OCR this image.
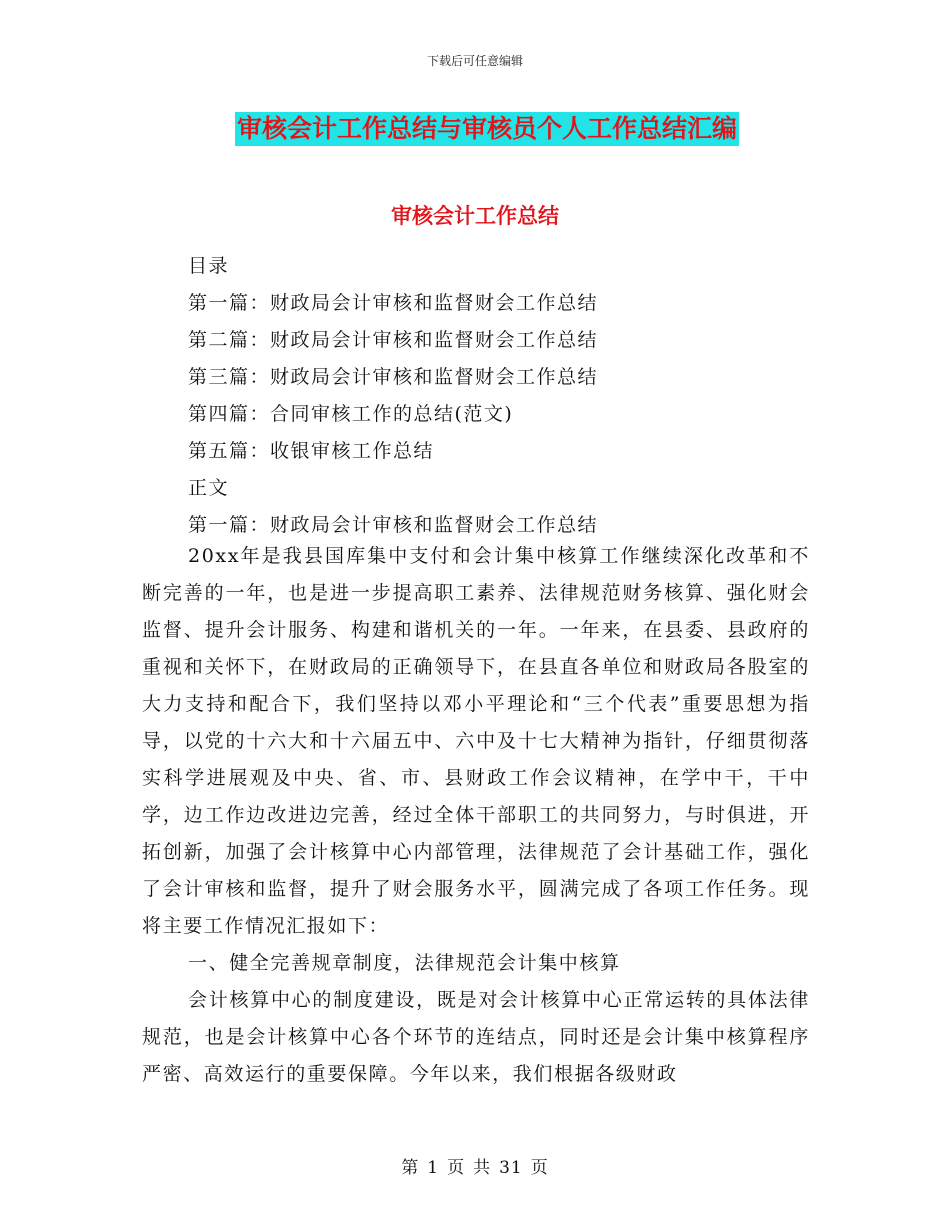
下载后可任意编辑
审核会计工作总结与审核员个人工作总结汇编
审核会计工作总结
目录
第一篇：财政局会计审核和监督财会工作总结
第二篇：财政局会计审核和监督财会工作总结
第三篇：财政局会计审核和监督财会工作总结
第四篇：合同审核工作的总结(范文)
第五篇：收银审核工作总结
正文
第一篇：财政局会计审核和监督财会工作总结

20xx年是我县国库集中支付和会计集中核算工作继续深化改革和不断完善的一年，也是进一步提高职工素养、法律规范财务核算、强化财会监督、提升会计服务、构建和谐机关的一年。一年来，在县委、县政府的重视和关怀下，在财政局的正确领导下，在县直各单位和财政局各股室的大力支持和配合下，我们坚持以邓小平理论和“三个代表”重要思想为指导，以党的十六大和十六届五中、六中及十七大精神为指针，仔细贯彻落实科学进展观及中央、省、市、县财政工作会议精神，在学中干，干中学，边工作边改进边完善，经过全体干部职工的共同努力，与时俱进，开拓创新，加强了会计核算中心内部管理，法律规范了会计基础工作，强化了会计审核和监督，提升了财会服务水平，圆满完成了各项工作任务。现将主要工作情况汇报如下：

一、健全完善规章制度，法律规范会计集中核算

会计核算中心的制度建设，既是对会计核算中心正常运转的具体法律规范，也是会计核算中心各个环节的连结点，同时还是会计集中核算程序严密、高效运行的重要保障。今年以来，我们根据各级财政

第 1 页 共 31 页
